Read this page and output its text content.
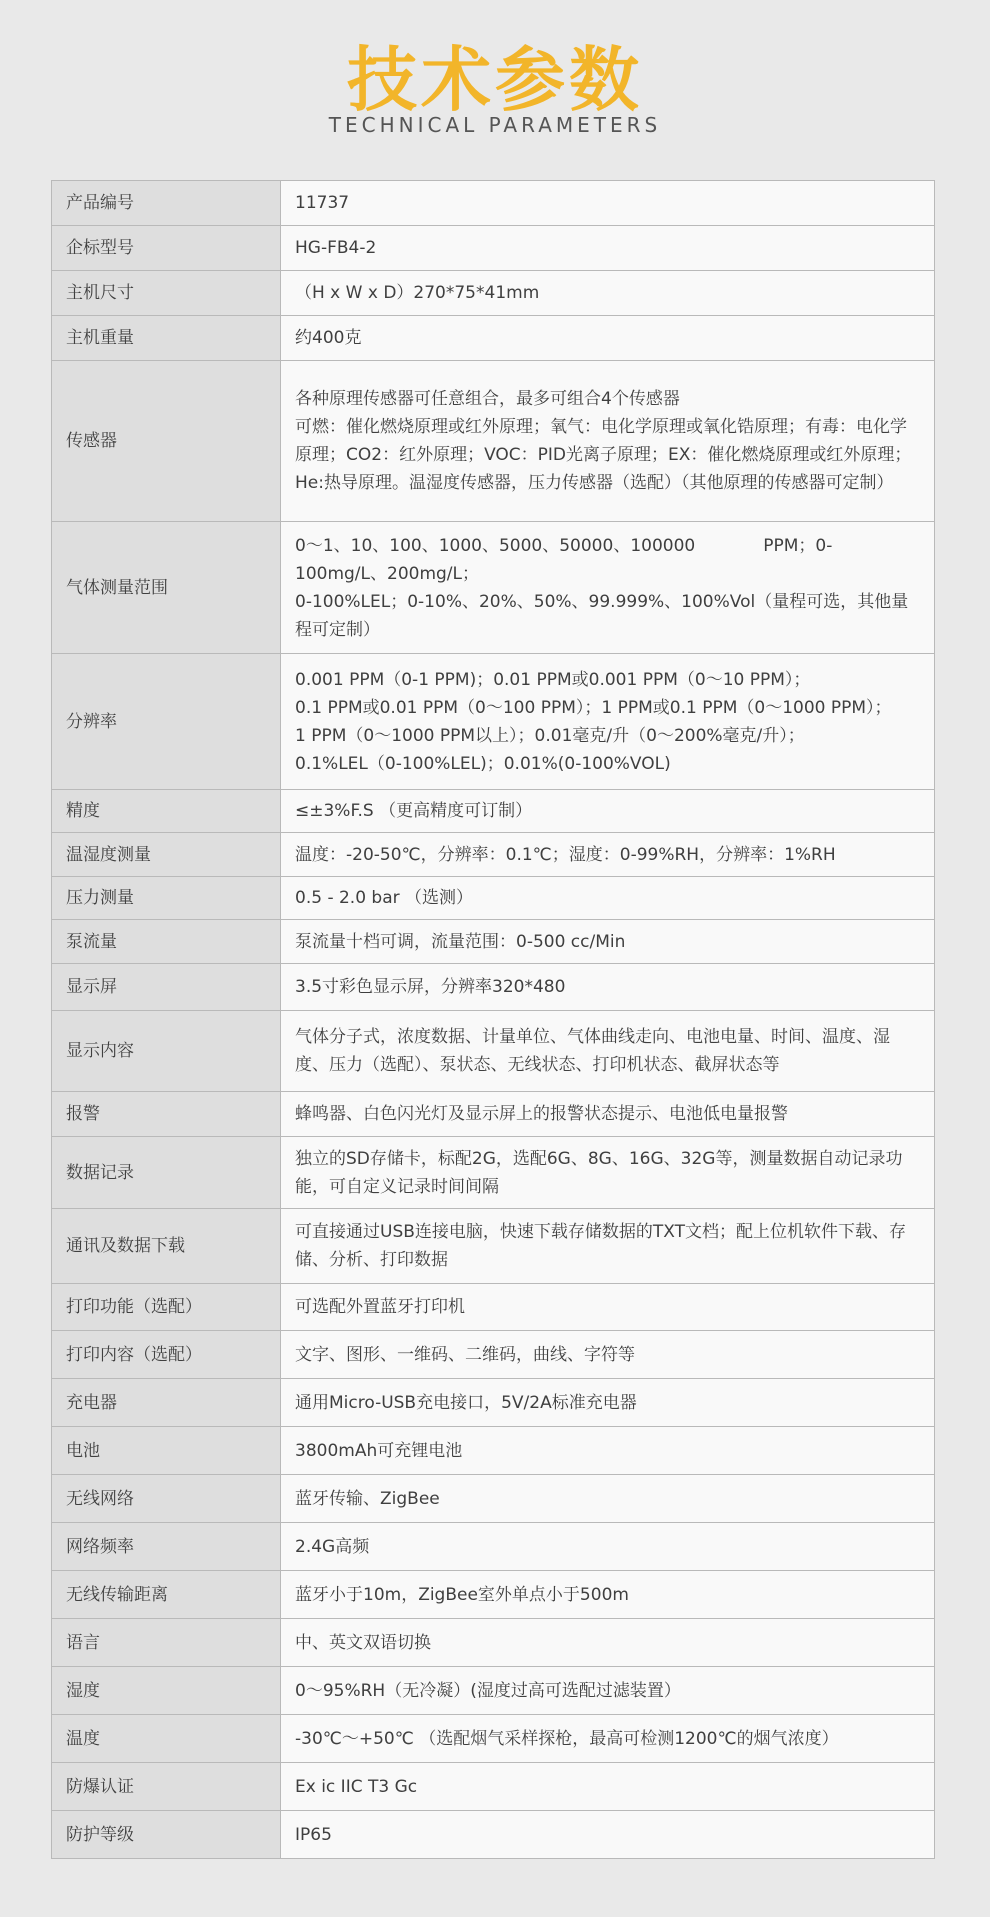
技术参数
TECHNICAL PARAMETERS
产品编号	11737
企标型号	HG-FB4-2
主机尺寸	（H x W x D）270*75*41mm
主机重量	约400克
传感器	各种原理传感器可任意组合，最多可组合4个传感器
可燃：催化燃烧原理或红外原理；氧气：电化学原理或氧化锆原理；有毒：电化学原理；CO2：红外原理；VOC：PID光离子原理；EX：催化燃烧原理或红外原理；He:热导原理。温湿度传感器，压力传感器（选配）（其他原理的传感器可定制）
气体测量范围	0～1、10、100、1000、5000、50000、100000　　　　PPM；0-100mg/L、200mg/L；
0-100%LEL；0-10%、20%、50%、99.999%、100%Vol（量程可选，其他量程可定制）
分辨率	0.001 PPM（0-1 PPM)；0.01 PPM或0.001 PPM（0～10 PPM）；
0.1 PPM或0.01 PPM（0～100 PPM）；1 PPM或0.1 PPM（0～1000 PPM）；
1 PPM（0～1000 PPM以上）；0.01毫克/升（0～200%毫克/升）；
0.1%LEL（0-100%LEL)；0.01%(0-100%VOL)
精度	≤±3%F.S （更高精度可订制）
温湿度测量	温度：-20-50℃，分辨率：0.1℃；湿度：0-99%RH，分辨率：1%RH
压力测量	0.5 - 2.0 bar （选测）
泵流量	泵流量十档可调，流量范围：0-500 cc/Min
显示屏	3.5寸彩色显示屏，分辨率320*480
显示内容	气体分子式，浓度数据、计量单位、气体曲线走向、电池电量、时间、温度、湿度、压力（选配）、泵状态、无线状态、打印机状态、截屏状态等
报警	蜂鸣器、白色闪光灯及显示屏上的报警状态提示、电池低电量报警
数据记录	独立的SD存储卡，标配2G，选配6G、8G、16G、32G等，测量数据自动记录功能，可自定义记录时间间隔
通讯及数据下载	可直接通过USB连接电脑，快速下载存储数据的TXT文档；配上位机软件下载、存储、分析、打印数据
打印功能（选配）	可选配外置蓝牙打印机
打印内容（选配）	文字、图形、一维码、二维码，曲线、字符等
充电器	通用Micro-USB充电接口，5V/2A标准充电器
电池	3800mAh可充锂电池
无线网络	蓝牙传输、ZigBee
网络频率	2.4G高频
无线传输距离	蓝牙小于10m，ZigBee室外单点小于500m
语言	中、英文双语切换
湿度	0～95%RH（无冷凝）(湿度过高可选配过滤装置）
温度	-30℃～+50℃ （选配烟气采样探枪，最高可检测1200℃的烟气浓度）
防爆认证	Ex ic IIC T3 Gc
防护等级	IP65
